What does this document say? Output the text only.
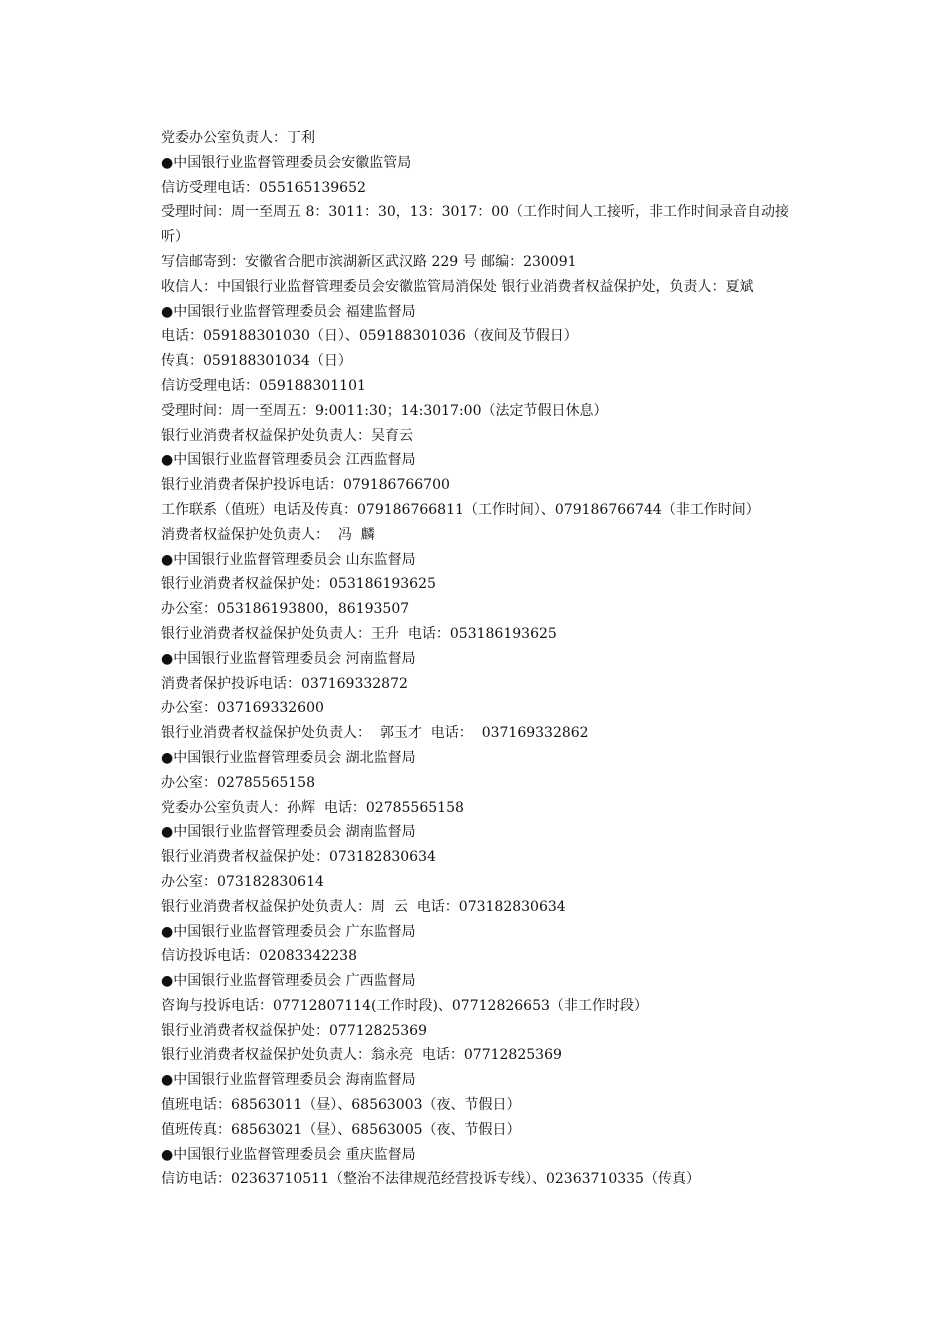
党委办公室负责人：丁利

●中国银行业监督管理委员会安徽监管局

信访受理电话：055165139652

受理时间：周一至周五 8：3011：30，13：3017：00（工作时间人工接听，非工作时间录音自动接听）

写信邮寄到：安徽省合肥市滨湖新区武汉路 229 号 邮编：230091

收信人：中国银行业监督管理委员会安徽监管局消保处 银行业消费者权益保护处，负责人：夏斌

●中国银行业监督管理委员会 福建监督局

电话：059188301030（日）、059188301036（夜间及节假日）

传真：059188301034（日）

信访受理电话：059188301101

受理时间：周一至周五：9:0011:30；14:3017:00（法定节假日休息）

银行业消费者权益保护处负责人：吴育云

●中国银行业监督管理委员会 江西监督局

银行业消费者保护投诉电话：079186766700

工作联系（值班）电话及传真：079186766811（工作时间）、079186766744（非工作时间）

消费者权益保护处负责人：  冯  麟

●中国银行业监督管理委员会 山东监督局

银行业消费者权益保护处：053186193625

办公室：053186193800，86193507

银行业消费者权益保护处负责人：王升  电话：053186193625

●中国银行业监督管理委员会 河南监督局

消费者保护投诉电话：037169332872

办公室：037169332600

银行业消费者权益保护处负责人：  郭玉才  电话：  037169332862

●中国银行业监督管理委员会 湖北监督局

办公室：02785565158

党委办公室负责人：孙辉  电话：02785565158

●中国银行业监督管理委员会 湖南监督局

银行业消费者权益保护处：073182830634

办公室：073182830614

银行业消费者权益保护处负责人：周  云  电话：073182830634

●中国银行业监督管理委员会 广东监督局

信访投诉电话：02083342238

●中国银行业监督管理委员会 广西监督局

咨询与投诉电话：07712807114(工作时段)、07712826653（非工作时段）

银行业消费者权益保护处：07712825369

银行业消费者权益保护处负责人：翁永亮  电话：07712825369

●中国银行业监督管理委员会 海南监督局

值班电话：68563011（昼）、68563003（夜、节假日）

值班传真：68563021（昼）、68563005（夜、节假日）

●中国银行业监督管理委员会 重庆监督局

信访电话：02363710511（整治不法律规范经营投诉专线）、02363710335（传真）
